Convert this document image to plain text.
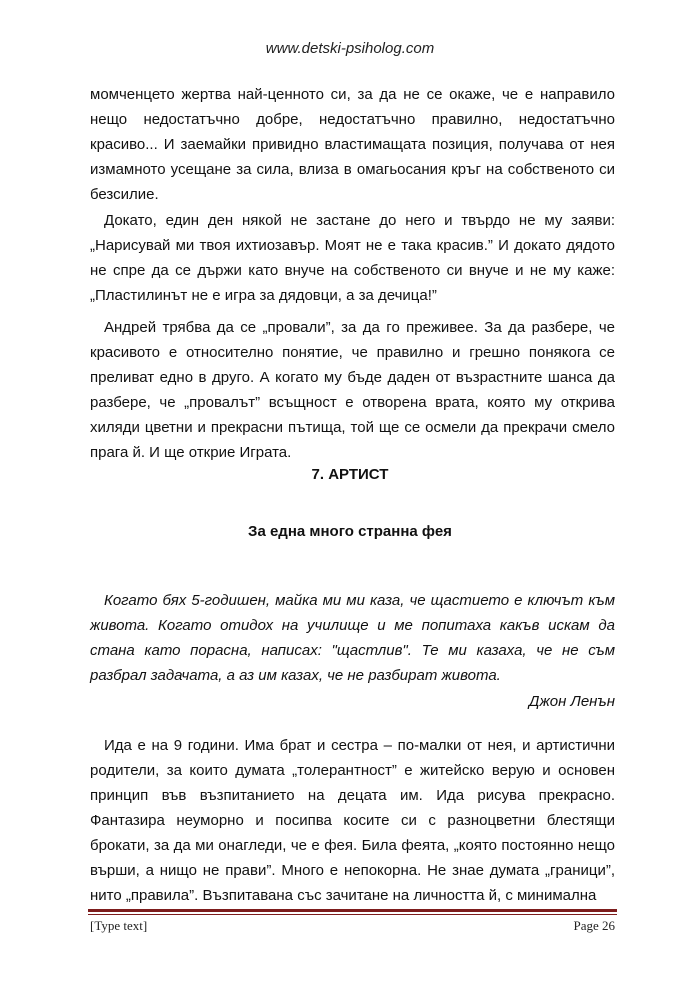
www.detski-psiholog.com

момченцето жертва най-ценното си, за да не се окаже, че е направило нещо недостатъчно добре, недостатъчно правилно, недостатъчно красиво... И заемайки привидно властимащата позиция, получава от нея измамното усещане за сила, влиза в омагьосания кръг на собственото си безсилие.

Докато, един ден някой не застане до него и твърдо не му заяви: „Нарисувай ми твоя ихтиозавър. Моят не е така красив.” И докато дядото не спре да се държи като внуче на собственото си внуче и не му каже: „Пластилинът не е игра за дядовци, а за дечица!”

Андрей трябва да се „провали”, за да го преживее. За да разбере, че красивото е относително понятие, че правилно и грешно понякога се преливат едно в друго. А когато му бъде даден от възрастните шанса да разбере, че „провалът” всъщност е отворена врата, която му открива хиляди цветни и прекрасни пътища, той ще се осмели да прекрачи смело прага й. И ще открие Играта.

7. АРТИСТ
За една много странна фея

Когато бях 5-годишен, майка ми ми каза, че щастието е ключът към живота. Когато отидох на училище и ме попитаха какъв искам да стана като порасна, написах: "щастлив". Те ми казаха, че не съм разбрал задачата, а аз им казах, че не разбират живота.

Джон Ленън

Ида е на 9 години. Има брат и сестра – по-малки от нея, и артистични родители, за които думата „толерантност” е житейско верую и основен принцип във възпитанието на децата им. Ида рисува прекрасно. Фантазира неуморно и посипва косите си с разноцветни блестящи брокати, за да ми онагледи, че е фея. Била феята, „която постоянно нещо върши, а нищо не прави”. Много е непокорна. Не знае думата „граници”, нито „правила”. Възпитавана със зачитане на личността й, с минимална

[Type text]	Page 26
